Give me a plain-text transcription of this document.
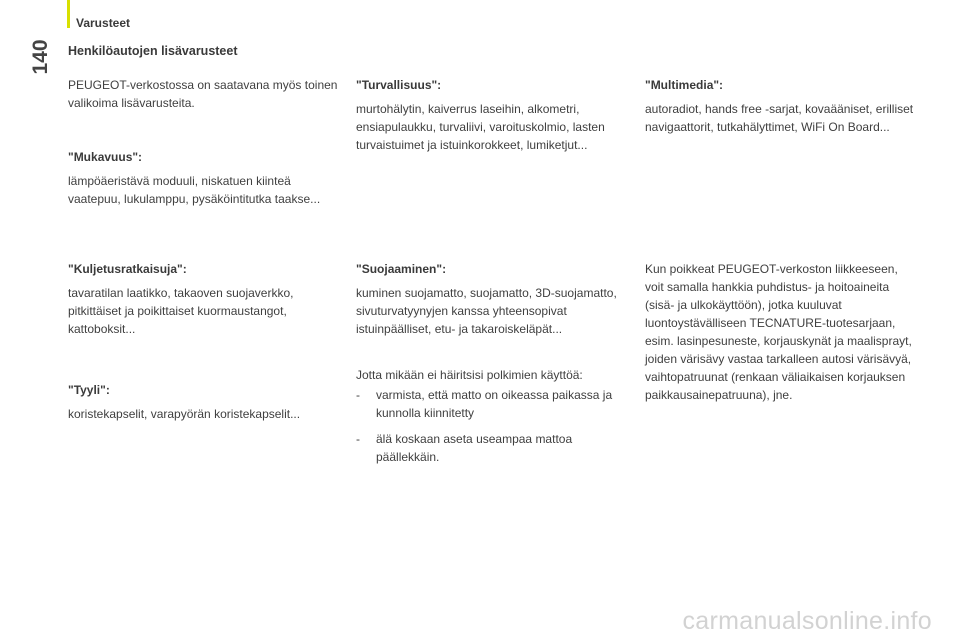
Varusteet
140	Henkilöautojen lisävarusteet

PEUGEOT-verkostossa on saatavana myös toinen valikoima lisävarusteita.

"Mukavuus":

lämpöäeristävä moduuli, niskatuen kiinteä vaatepuu, lukulamppu, pysäköintitutka taakse...

"Kuljetusratkaisuja":

tavaratilan laatikko, takaoven suojaverkko, pitkittäiset ja poikittaiset kuormaustangot, kattoboksit...

"Tyyli":

koristekapselit, varapyörän koristekapselit...

"Turvallisuus":

murtohälytin, kaiverrus laseihin, alkometri, ensiapulaukku, turvaliivi, varoituskolmio, lasten turvaistuimet ja istuinkorokkeet, lumiketjut...

"Suojaaminen":

kuminen suojamatto, suojamatto, 3D-suojamatto, sivuturvatyynyjen kanssa yhteensopivat istuinpäälliset, etu- ja takaroiskeläpät...

Jotta mikään ei häiritsisi polkimien käyttöä:

- varmista, että matto on oikeassa paikassa ja kunnolla kiinnitetty
- älä koskaan aseta useampaa mattoa päällekkäin.

"Multimedia":

autoradiot, hands free -sarjat, kovaääniset, erilliset navigaattorit, tutkahälyttimet, WiFi On Board...

Kun poikkeat PEUGEOT-verkoston liikkeeseen, voit samalla hankkia puhdistus- ja hoitoaineita (sisä- ja ulkokäyttöön), jotka kuuluvat luontoystävälliseen TECNATURE-tuotesarjaan, esim. lasinpesuneste, korjauskynät ja maalisprayt, joiden värisävy vastaa tarkalleen autosi värisävyä, vaihtopatruunat (renkaan väliaikaisen korjauksen paikkausainepatruuna), jne.

carmanualsonline.info
